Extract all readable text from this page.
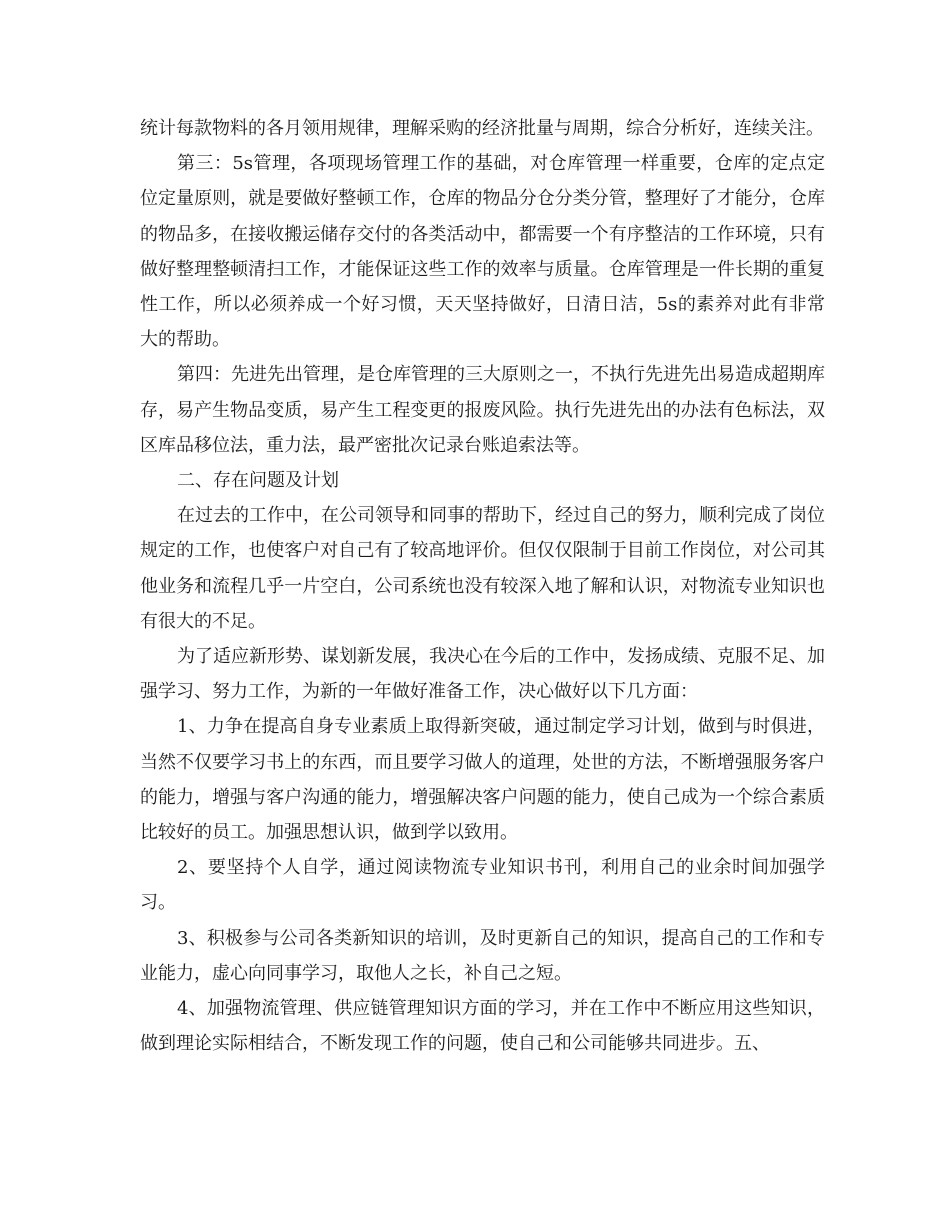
统计每款物料的各月领用规律，理解采购的经济批量与周期，综合分析好，连续关注。

第三：5s管理，各项现场管理工作的基础，对仓库管理一样重要，仓库的定点定位定量原则，就是要做好整顿工作，仓库的物品分仓分类分管，整理好了才能分，仓库的物品多，在接收搬运储存交付的各类活动中，都需要一个有序整洁的工作环境，只有做好整理整顿清扫工作，才能保证这些工作的效率与质量。仓库管理是一件长期的重复性工作，所以必须养成一个好习惯，天天坚持做好，日清日洁，5s的素养对此有非常大的帮助。

第四：先进先出管理，是仓库管理的三大原则之一，不执行先进先出易造成超期库存，易产生物品变质，易产生工程变更的报废风险。执行先进先出的办法有色标法，双区库品移位法，重力法，最严密批次记录台账追索法等。

二、存在问题及计划

在过去的工作中，在公司领导和同事的帮助下，经过自己的努力，顺利完成了岗位规定的工作，也使客户对自己有了较高地评价。但仅仅限制于目前工作岗位，对公司其他业务和流程几乎一片空白，公司系统也没有较深入地了解和认识，对物流专业知识也有很大的不足。

为了适应新形势、谋划新发展，我决心在今后的工作中，发扬成绩、克服不足、加强学习、努力工作，为新的一年做好准备工作，决心做好以下几方面：

1、力争在提高自身专业素质上取得新突破，通过制定学习计划，做到与时俱进，当然不仅要学习书上的东西，而且要学习做人的道理，处世的方法，不断增强服务客户的能力，增强与客户沟通的能力，增强解决客户问题的能力，使自己成为一个综合素质比较好的员工。加强思想认识，做到学以致用。

2、要坚持个人自学，通过阅读物流专业知识书刊，利用自己的业余时间加强学习。

3、积极参与公司各类新知识的培训，及时更新自己的知识，提高自己的工作和专业能力，虚心向同事学习，取他人之长，补自己之短。

4、加强物流管理、供应链管理知识方面的学习，并在工作中不断应用这些知识，做到理论实际相结合，不断发现工作的问题，使自己和公司能够共同进步。五、
